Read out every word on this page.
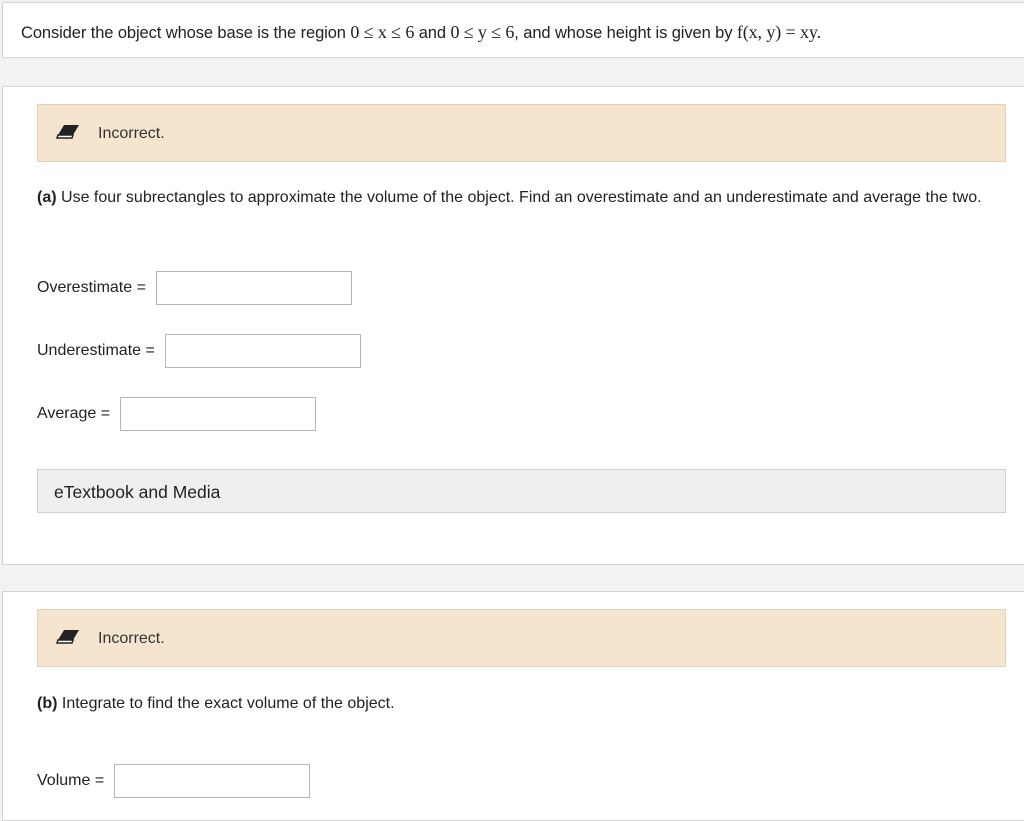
Consider the object whose base is the region 0 ≤ x ≤ 6 and 0 ≤ y ≤ 6, and whose height is given by f(x, y) = xy.
Incorrect.
(a) Use four subrectangles to approximate the volume of the object. Find an overestimate and an underestimate and average the two.
Overestimate =
Underestimate =
Average =
eTextbook and Media
Incorrect.
(b) Integrate to find the exact volume of the object.
Volume =
